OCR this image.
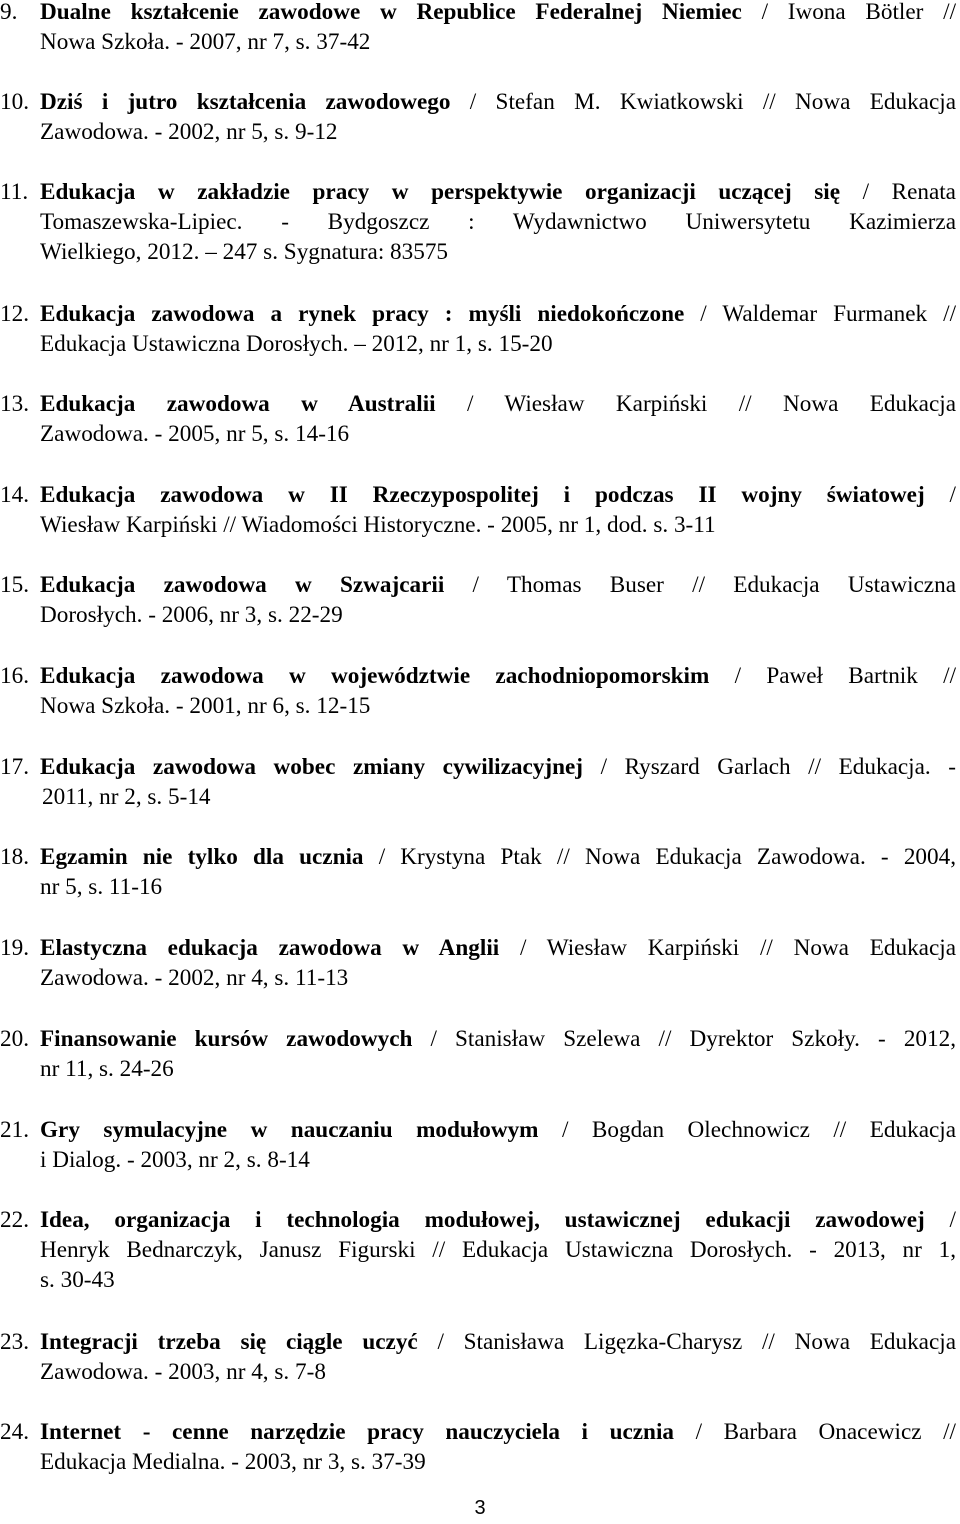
9. Dualne kształcenie zawodowe w Republice Federalnej Niemiec / Iwona Bötler //
Nowa Szkoła. - 2007, nr 7, s. 37-42
10. Dziś i jutro kształcenia zawodowego / Stefan M. Kwiatkowski // Nowa Edukacja
Zawodowa. - 2002, nr 5, s. 9-12
11. Edukacja w zakładzie pracy w perspektywie organizacji uczącej się / Renata
Tomaszewska-Lipiec. - Bydgoszcz : Wydawnictwo Uniwersytetu Kazimierza
Wielkiego, 2012. – 247 s. Sygnatura: 83575
12. Edukacja zawodowa a rynek pracy : myśli niedokończone / Waldemar Furmanek //
Edukacja Ustawiczna Dorosłych. – 2012, nr 1, s. 15-20
13. Edukacja zawodowa w Australii / Wiesław Karpiński // Nowa Edukacja
Zawodowa. - 2005, nr 5, s. 14-16
14. Edukacja zawodowa w II Rzeczypospolitej i podczas II wojny światowej /
Wiesław Karpiński // Wiadomości Historyczne. - 2005, nr 1, dod. s. 3-11
15. Edukacja zawodowa w Szwajcarii / Thomas Buser // Edukacja Ustawiczna
Dorosłych. - 2006, nr 3, s. 22-29
16. Edukacja zawodowa w województwie zachodniopomorskim / Paweł Bartnik //
Nowa Szkoła. - 2001, nr 6, s. 12-15
17. Edukacja zawodowa wobec zmiany cywilizacyjnej / Ryszard Garlach // Edukacja. -
2011, nr 2, s. 5-14
18. Egzamin nie tylko dla ucznia / Krystyna Ptak // Nowa Edukacja Zawodowa. - 2004,
nr 5, s. 11-16
19. Elastyczna edukacja zawodowa w Anglii / Wiesław Karpiński // Nowa Edukacja
Zawodowa. - 2002, nr 4, s. 11-13
20. Finansowanie kursów zawodowych / Stanisław Szelewa // Dyrektor Szkoły. - 2012,
nr 11, s. 24-26
21. Gry symulacyjne w nauczaniu modułowym / Bogdan Olechnowicz // Edukacja
i Dialog. - 2003, nr 2, s. 8-14
22. Idea, organizacja i technologia modułowej, ustawicznej edukacji zawodowej /
Henryk Bednarczyk, Janusz Figurski // Edukacja Ustawiczna Dorosłych. - 2013, nr 1,
s. 30-43
23. Integracji trzeba się ciągle uczyć / Stanisława Ligęzka-Charysz // Nowa Edukacja
Zawodowa. - 2003, nr 4, s. 7-8
24. Internet - cenne narzędzie pracy nauczyciela i ucznia / Barbara Onacewicz //
Edukacja Medialna. - 2003, nr 3, s. 37-39
3
